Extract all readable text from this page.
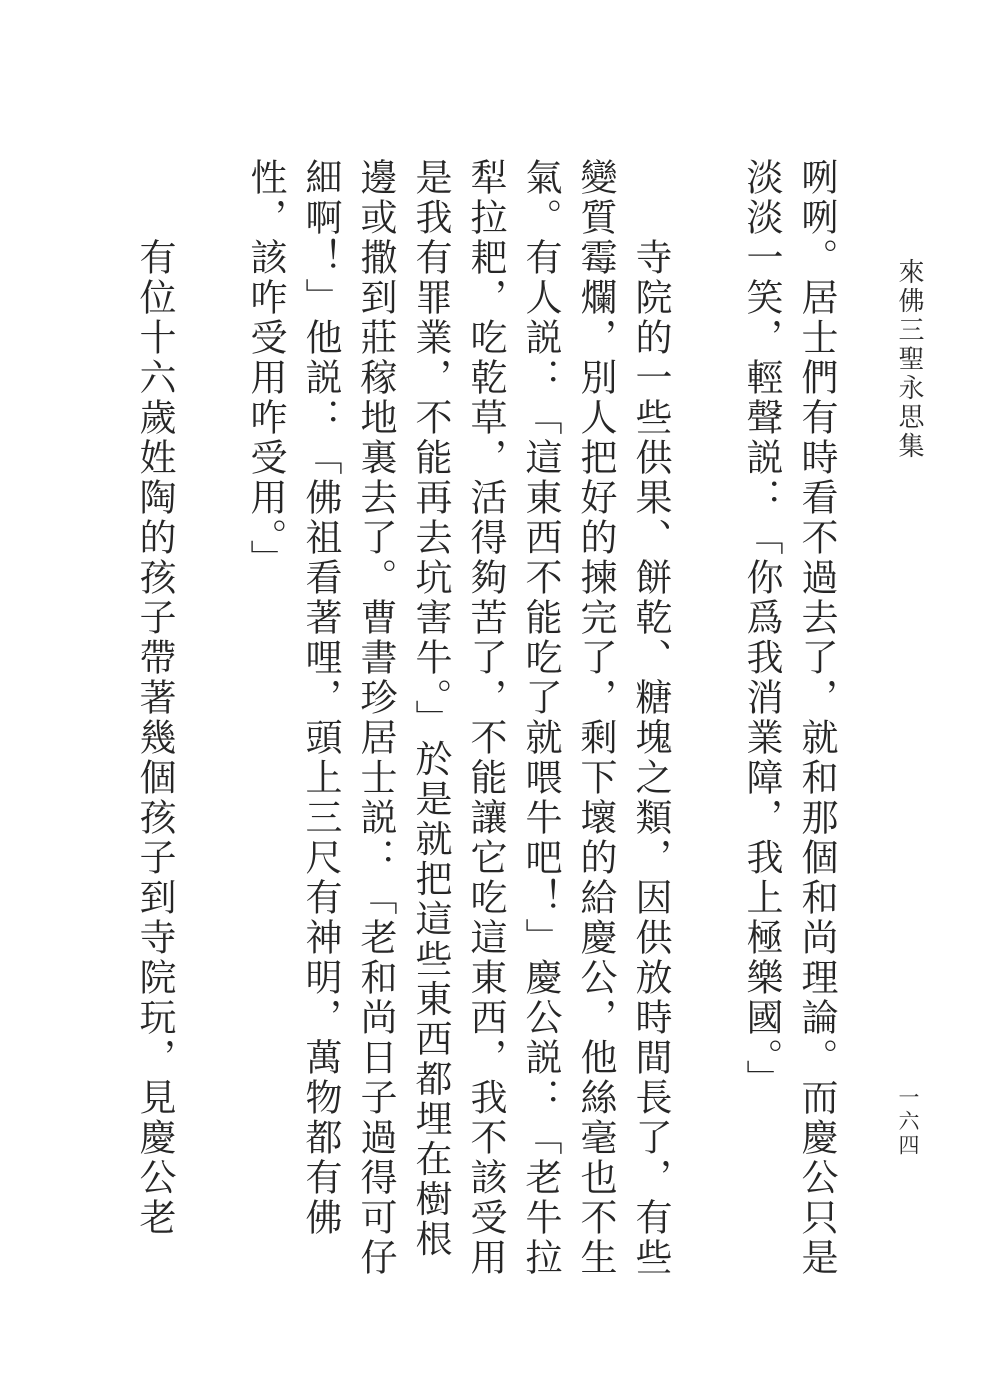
來佛三聖永思集
一六四

咧咧。居士們有時看不過去了，就和那個和尚理論。而慶公只是淡淡一笑，輕聲説：「你爲我消業障，我上極樂國。」

寺院的一些供果、餅乾、糖塊之類，因供放時間長了，有些變質霉爛，別人把好的揀完了，剩下壞的給慶公，他絲毫也不生氣。有人説：「這東西不能吃了就喂牛吧！」慶公説：「老牛拉犁拉耙，吃乾草，活得夠苦了，不能讓它吃這東西，我不該受用是我有罪業，不能再去坑害牛。」於是就把這些東西都埋在樹根邊或撒到莊稼地裏去了。曹書珍居士説：「老和尚日子過得可仔細啊！」他説：「佛祖看著哩，頭上三尺有神明，萬物都有佛性，該咋受用咋受用。」

有位十六歲姓陶的孩子帶著幾個孩子到寺院玩，見慶公老
